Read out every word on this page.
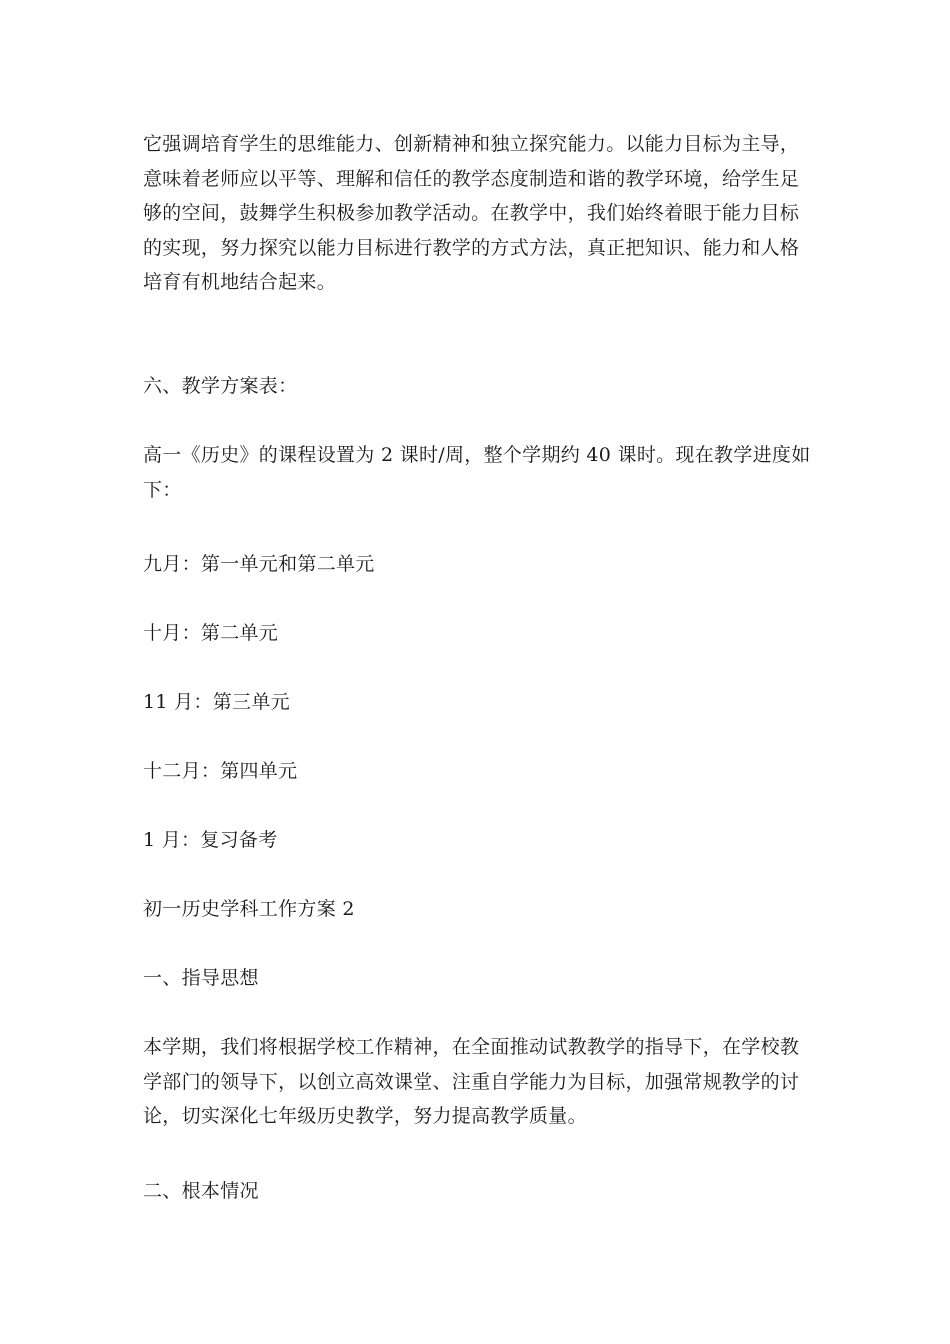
它强调培育学生的思维能力、创新精神和独立探究能力。以能力目标为主导，
意味着老师应以平等、理解和信任的教学态度制造和谐的教学环境，给学生足
够的空间，鼓舞学生积极参加教学活动。在教学中，我们始终着眼于能力目标
的实现，努力探究以能力目标进行教学的方式方法，真正把知识、能力和人格
培育有机地结合起来。

六、教学方案表：

高一《历史》的课程设置为 2 课时/周，整个学期约 40 课时。现在教学进度如
下：

九月：第一单元和第二单元

十月：第二单元

11 月：第三单元

十二月：第四单元

1 月：复习备考

初一历史学科工作方案 2

一、指导思想

本学期，我们将根据学校工作精神，在全面推动试教教学的指导下，在学校教
学部门的领导下，以创立高效课堂、注重自学能力为目标，加强常规教学的讨
论，切实深化七年级历史教学，努力提高教学质量。

二、根本情况
